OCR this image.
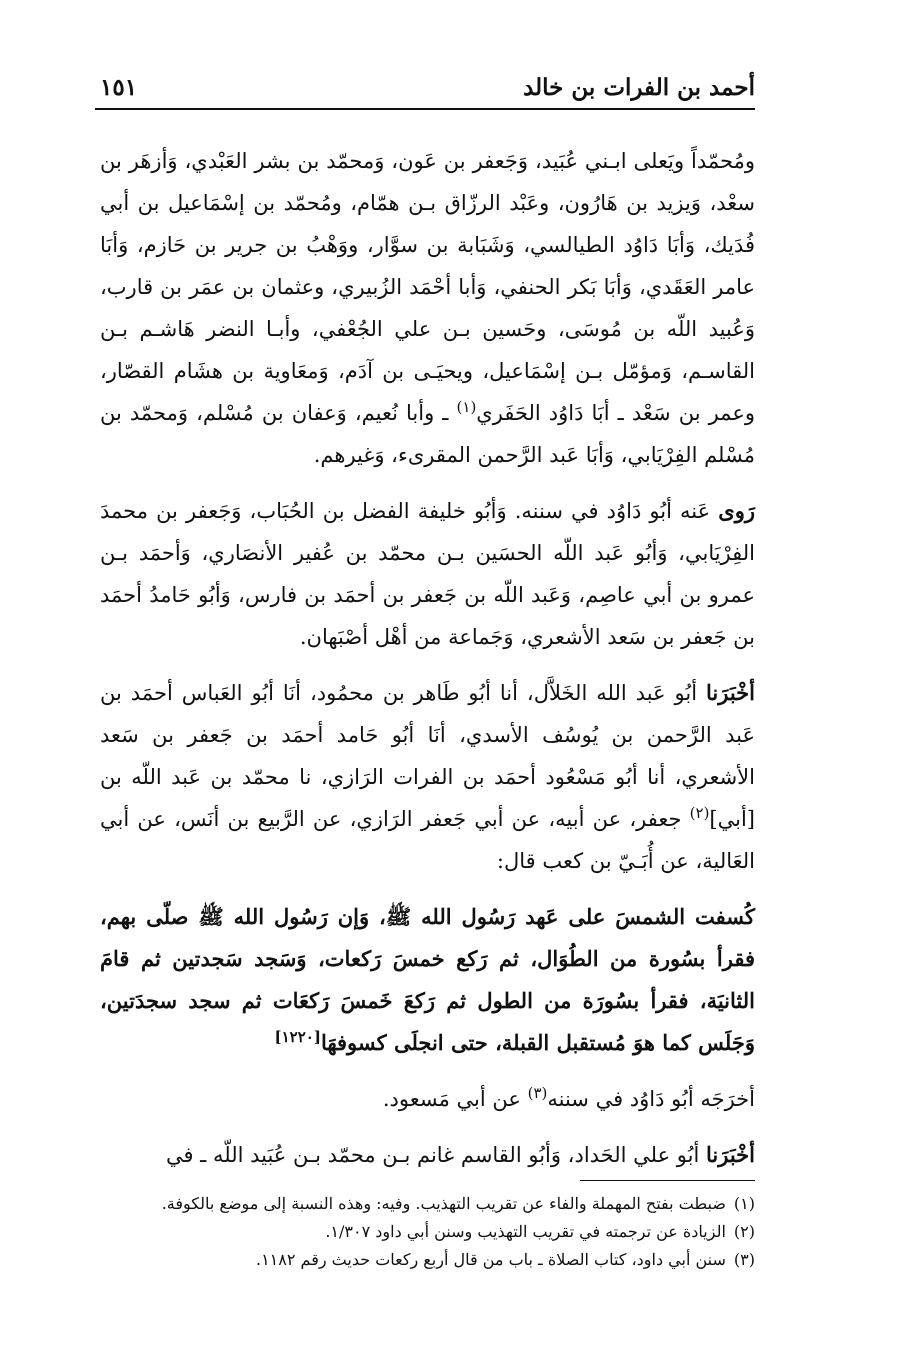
أحمد بن الفرات بن خالد
١٥١

ومُحمّداً ويَعلى ابـني عُبَيد، وَجَعفر بن عَون، وَمحمّد بن بشر العَبْدي، وَأزهَر بن سعْد، وَيزيد بن هَارُون، وعَبْد الرزّاق بـن همّام، ومُحمّد بن إسْمَاعيل بن أبي فُدَيك، وَأبَا دَاوُد الطيالسي، وَشَبَابة بن سوَّار، ووَهْبُ بن جرير بن حَازم، وَأبَا عامر العَقَدي، وَأبَا بَكر الحنفي، وَأبا أحْمَد الزُبيري، وعثمان بن عمَر بن قارب، وَعُبيد اللّه بن مُوسَى، وحَسين بـن علي الجُعْفي، وأبـا النضر هَاشـم بـن القاسـم، وَمؤمّل بـن إسْمَاعيل، ويحيَـى بن آدَم، وَمعَاوية بن هشَام القصّار، وعمر بن سَعْد ـ أبَا دَاوُد الحَفَري$^{(١)}$ ـ وأبا نُعيم، وَعفان بن مُسْلم، وَمحمّد بن مُسْلم الفِرْيَابي، وَأبَا عَبد الرَّحمن المقرىء، وَغيرهم.

رَوى عَنه أبُو دَاوُد في سننه. وَأبُو خليفة الفضل بن الحُبَاب، وَجَعفر بن محمدَ الفِرْيَابي، وَأبُو عَبد اللّه الحسَين بـن محمّد بن عُفير الأنصَاري، وَأحمَد بـن عمرو بن أبي عاصِم، وَعَبد اللّه بن جَعفر بن أحمَد بن فارس، وَأبُو حَامدُ أحمَد بن جَعفر بن سَعد الأشعري، وَجَماعة من أهْل أصْبَهان.

أخْبَرَنا أبُو عَبد الله الخَلاَّل، أنا أبُو طَاهر بن محمُود، أنَا أبُو العَباس أحمَد بن عَبد الرَّحمن بن يُوسُف الأسدي، أنَا أبُو حَامد أحمَد بن جَعفر بن سَعد الأشعري، أنا أبُو مَسْعُود أحمَد بن الفرات الرَازي، نا محمّد بن عَبد اللّه بن [أبي]$^{(٢)}$ جعفر، عن أبيه، عن أبي جَعفر الرَازي، عن الرَّبيع بن أنَس، عن أبي العَالية، عن أُبَـيّ بن كعب قال:

كُسفت الشمسَ على عَهد رَسُول الله ﷺ، وَإن رَسُول الله ﷺ صلّى بهم، فقرأ بسُورة من الطُوَال، ثم رَكع خمسَ رَكعات، وَسَجد سَجدتين ثم قامَ الثانيَة، فقرأ بسُورَة من الطول ثم رَكعَ خَمسَ رَكعَات ثم سجد سجدَتين، وَجَلَس كما هوَ مُستقبل القبلة، حتى انجلَى كسوفهَا[١٢٢٠]

أخرَجَه أبُو دَاوُد في سننه$^{(٣)}$ عن أبي مَسعود.

أخْبَرَنا أبُو علي الحَداد، وَأبُو القاسم غانم بـن محمّد بـن عُبَيد اللّه ـ في

(١)
ضبطت بفتح المهملة والفاء عن تقريب التهذيب. وفيه: وهذه النسبة إلى موضع بالكوفة.
(٢)
الزيادة عن ترجمته في تقريب التهذيب وسنن أبي داود ١/٣٠٧.
(٣)
سنن أبي داود، كتاب الصلاة ـ باب من قال أربع ركعات حديث رقم ١١٨٢.
